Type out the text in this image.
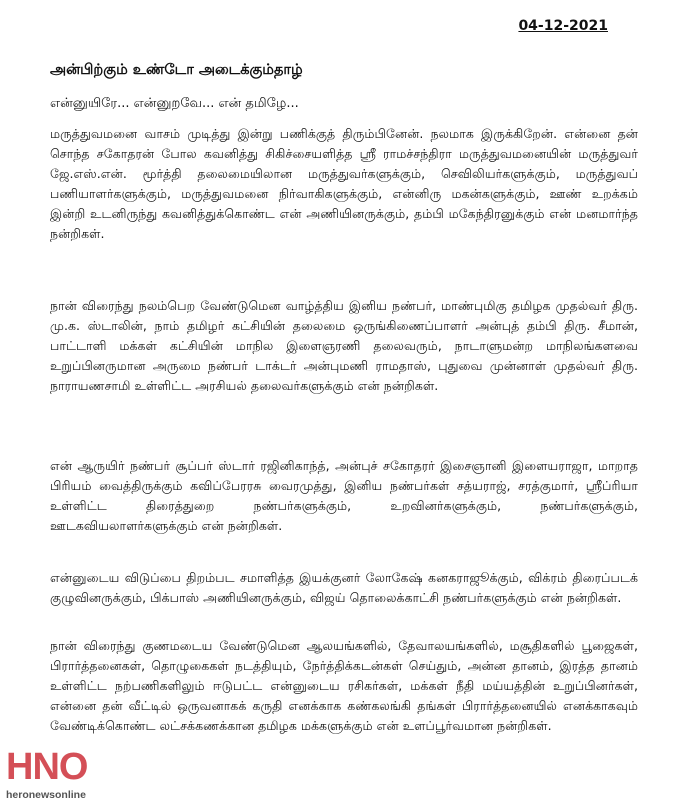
04-12-2021
அன்பிற்கும் உண்டோ அடைக்கும்தாழ்
என்னுயிரே... என்னுறவே... என் தமிழே...

மருத்துவமனை வாசம் முடித்து இன்று பணிக்குத் திரும்பினேன். நலமாக இருக்கிறேன். என்னை தன் சொந்த சகோதரன் போல கவனித்து சிகிச்சையளித்த ஸ்ரீ ராமச்சந்திரா மருத்துவமனையின் மருத்துவர் ஜே.எஸ்.என். மூர்த்தி தலைமையிலான மருத்துவர்களுக்கும், செவிலியர்களுக்கும், மருத்துவப் பணியாளர்களுக்கும், மருத்துவமனை நிர்வாகிகளுக்கும், என்னிரு மகன்களுக்கும், ஊண் உறக்கம் இன்றி உடனிருந்து கவனித்துக்கொண்ட என் அணியினருக்கும், தம்பி மகேந்திரனுக்கும் என் மனமார்ந்த நன்றிகள்.

நான் விரைந்து நலம்பெற வேண்டுமென வாழ்த்திய இனிய நண்பர், மாண்புமிகு தமிழக முதல்வர் திரு. மு.க. ஸ்டாலின், நாம் தமிழர் கட்சியின் தலைமை ஒருங்கிணைப்பாளர் அன்புத் தம்பி திரு. சீமான், பாட்டாளி மக்கள் கட்சியின் மாநில இளைஞரணி தலைவரும், நாடாளுமன்ற மாநிலங்களவை உறுப்பினருமான அருமை நண்பர் டாக்டர் அன்புமணி ராமதாஸ், புதுவை முன்னாள் முதல்வர் திரு. நாராயணசாமி உள்ளிட்ட அரசியல் தலைவர்களுக்கும் என் நன்றிகள்.

என் ஆருயிர் நண்பர் சூப்பர் ஸ்டார் ரஜினிகாந்த், அன்புச் சகோதரர் இசைஞானி இளையராஜா, மாறாத பிரியம் வைத்திருக்கும் கவிப்பேரரசு வைரமுத்து, இனிய நண்பர்கள் சத்யராஜ், சரத்குமார், ஸ்ரீப்ரியா உள்ளிட்ட திரைத்துறை நண்பர்களுக்கும், உறவினர்களுக்கும், நண்பர்களுக்கும், ஊடகவியலாளர்களுக்கும் என் நன்றிகள்.

என்னுடைய விடுப்பை திறம்பட சமாளித்த இயக்குனர் லோகேஷ் கனகராஜூக்கும், விக்ரம் திரைப்படக் குழுவினருக்கும், பிக்பாஸ் அணியினருக்கும், விஜய் தொலைக்காட்சி நண்பர்களுக்கும் என் நன்றிகள்.

நான் விரைந்து குணமடைய வேண்டுமென ஆலயங்களில், தேவாலயங்களில், மசூதிகளில் பூஜைகள், பிரார்த்தனைகள், தொழுகைகள் நடத்தியும், நேர்த்திக்கடன்கள் செய்தும், அன்ன தானம், இரத்த தானம் உள்ளிட்ட நற்பணிகளிலும் ஈடுபட்ட என்னுடைய ரசிகர்கள், மக்கள் நீதி மய்யத்தின் உறுப்பினர்கள், என்னை தன் வீட்டில் ஒருவனாகக் கருதி எனக்காக கண்கலங்கி தங்கள் பிரார்த்தனையில் எனக்காகவும் வேண்டிக்கொண்ட லட்சக்கணக்கான தமிழக மக்களுக்கும் என் உளப்பூர்வமான நன்றிகள்.

HNO
heronewsonline
